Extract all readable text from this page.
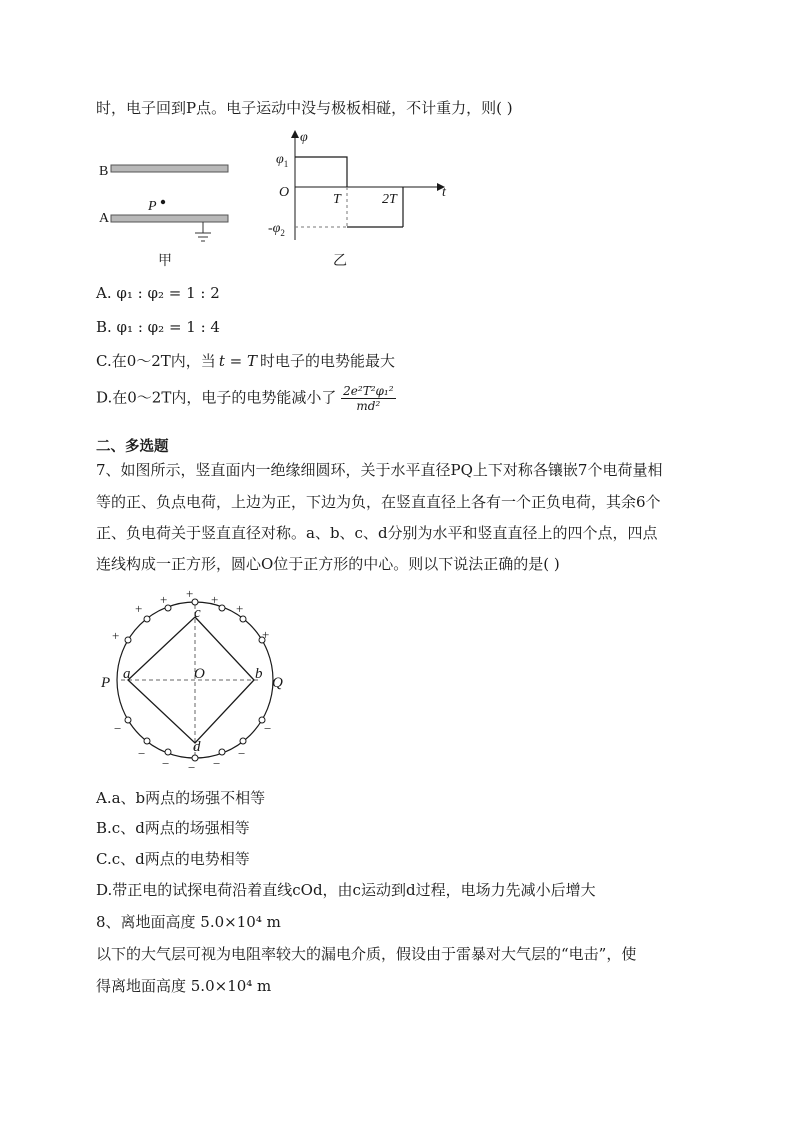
时，电子回到P点。电子运动中没与极板相碰，不计重力，则( )
B
A
P
甲
φ
t
O
$\varphi_1$
$-\varphi_2$
T	2T
乙
A. φ₁ : φ₂ = 1 : 2
B. φ₁ : φ₂ = 1 : 4
C.在0～2T内，当 t = T 时电子的电势能最大
D.在0～2T内，电子的电势能减小了 $\frac{\text{2e²T²φ₁²}}{\text{md²}}$
二、多选题
7、如图所示，竖直面内一绝缘细圆环，关于水平直径PQ上下对称各镶嵌7个电荷量相
等的正、负点电荷，上边为正，下边为负，在竖直直径上各有一个正负电荷，其余6个
正、负电荷关于竖直直径对称。a、b、c、d分别为水平和竖直直径上的四个点，四点
连线构成一正方形，圆心O位于正方形的中心。则以下说法正确的是( )
+
+	+
+	+
+	+
−
−	−
−	−
−	−
P	Q
a	b
c
d
O
A.a、b两点的场强不相等
B.c、d两点的场强相等
C.c、d两点的电势相等
D.带正电的试探电荷沿着直线cOd，由c运动到d过程，电场力先减小后增大
8、离地面高度 5.0×10⁴ m
以下的大气层可视为电阻率较大的漏电介质，假设由于雷暴对大气层的“电击”，使
得离地面高度 5.0×10⁴ m
